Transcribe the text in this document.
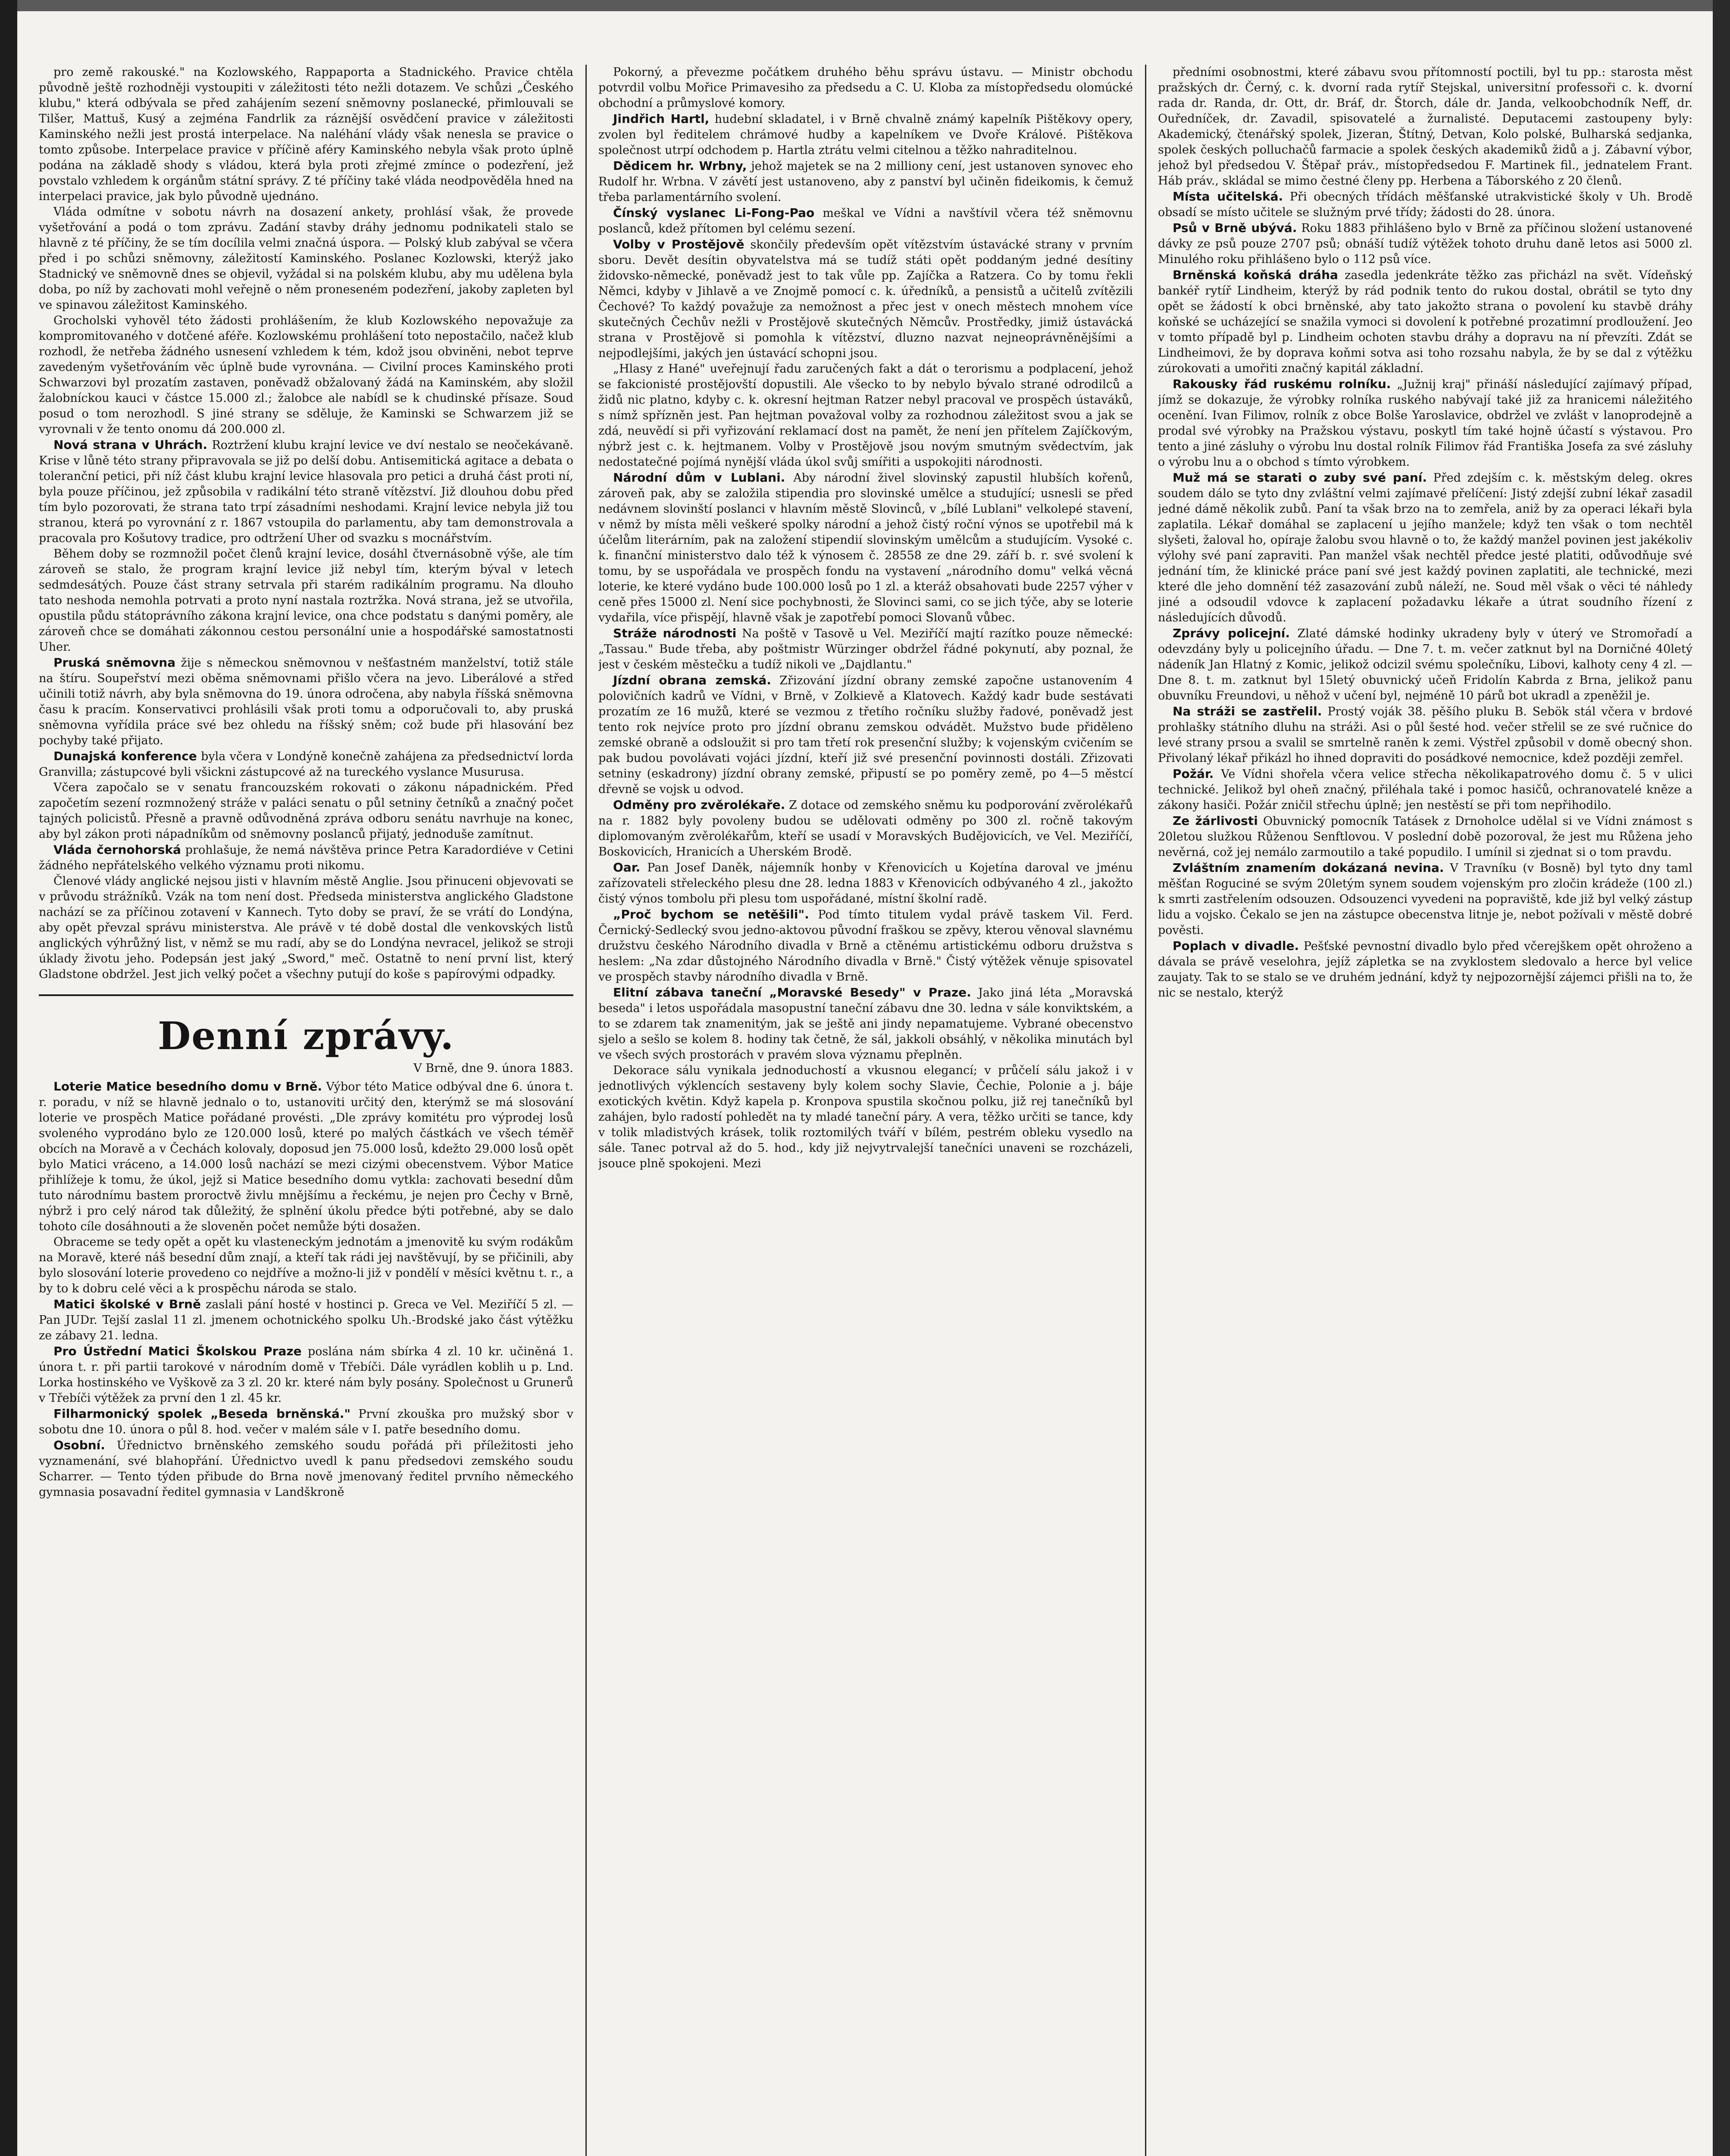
pro země rakouské." na Kozlowského, Rappaporta a Stadnického. Pravice chtěla původně ještě rozhodněji vystoupiti v záležitosti této nežli dotazem. Ve schůzi „Českého klubu," která odbývala se před zahájením sezení sněmovny poslanecké, přimlouvali se Tilšer, Mattuš, Kusý a zejména Fandrlik za ráznější osvědčení pravice v záležitosti Kaminského nežli jest prostá interpelace. Na naléhání vlády však nenesla se pravice o tomto způsobe. Interpelace pravice v příčině aféry Kaminského nebyla však proto úplně podána na základě shody s vládou, která byla proti zřejmé zmínce o podezření, jež povstalo vzhledem k orgánům státní správy. Z té příčiny také vláda neodpověděla hned na interpelaci pravice, jak bylo původně ujednáno.

Vláda odmítne v sobotu návrh na dosazení ankety, prohlásí však, že provede vyšetřování a podá o tom zprávu. Zadání stavby dráhy jednomu podnikateli stalo se hlavně z té příčiny, že se tím docílila velmi značná úspora. — Polský klub zabýval se včera před i po schůzi sněmovny, záležitostí Kaminského. Poslanec Kozlowski, kterýž jako Stadnický ve sněmovně dnes se objevil, vyžádal si na polském klubu, aby mu udělena byla doba, po níž by zachovati mohl veřejně o něm proneseném podezření, jakoby zapleten byl ve spinavou záležitost Kaminského.

Grocholski vyhověl této žádosti prohlášením, že klub Kozlowského nepovažuje za kompromitovaného v dotčené aféře. Kozlowskému prohlášení toto nepostačilo, načež klub rozhodl, že netřeba žádného usnesení vzhledem k tém, kdož jsou obviněni, nebot teprve zavedeným vyšetřováním věc úplně bude vyrovnána. — Civilní proces Kaminského proti Schwarzovi byl prozatím zastaven, poněvadž obžalovaný žádá na Kaminském, aby složil žalobníckou kauci v částce 15.000 zl.; žalobce ale nabídl se k chudinské přísaze. Soud posud o tom nerozhodl. S jiné strany se sděluje, že Kaminski se Schwarzem již se vyrovnali v že tento onomu dá 200.000 zl.

Nová strana v Uhrách. Roztržení klubu krajní levice ve dví nestalo se neočekávaně. Krise v lůně této strany připravovala se již po delší dobu. Antisemitická agitace a debata o toleranční petici, při níž část klubu krajní levice hlasovala pro petici a druhá část proti ní, byla pouze příčinou, jež způsobila v radikální této straně vítězství. Již dlouhou dobu před tím bylo pozorovati, že strana tato trpí zásadními neshodami. Krajní levice nebyla již tou stranou, která po vyrovnání z r. 1867 vstoupila do parlamentu, aby tam demonstrovala a pracovala pro Košutovy tradice, pro odtržení Uher od svazku s mocnářstvím.

Během doby se rozmnožil počet členů krajní levice, dosáhl čtvernásobně výše, ale tím zároveň se stalo, že program krajní levice již nebyl tím, kterým býval v letech sedmdesátých. Pouze část strany setrvala při starém radikálním programu. Na dlouho tato neshoda nemohla potrvati a proto nyní nastala roztržka. Nová strana, jež se utvořila, opustila půdu státoprávního zákona krajní levice, ona chce podstatu s danými poměry, ale zároveň chce se domáhati zákonnou cestou personální unie a hospodářské samostatnosti Uher.

Pruská sněmovna žije s německou sněmovnou v nešťastném manželství, totiž stále na štíru. Soupeřství mezi oběma sněmovnami přišlo včera na jevo. Liberálové a střed učinili totiž návrh, aby byla sněmovna do 19. února odročena, aby nabyla říšská sněmovna času k pracím. Konservativci prohlásili však proti tomu a odporučovali to, aby pruská sněmovna vyřídila práce své bez ohledu na říšský sněm; což bude při hlasování bez pochyby také přijato.

Dunajská konference byla včera v Londýně konečně zahájena za předsednictví lorda Granvilla; zástupcové byli všickni zástupcové až na tureckého vyslance Musurusa.

Včera započalo se v senatu francouzském rokovati o zákonu nápadnickém. Před započetím sezení rozmnožený stráže v paláci senatu o půl setniny četníků a značný počet tajných policistů. Přesně a pravně odůvodněná zpráva odboru senátu navrhuje na konec, aby byl zákon proti nápadníkům od sněmovny poslanců přijatý, jednoduše zamítnut.

Vláda černohorská prohlašuje, že nemá návštěva prince Petra Karadordiéve v Cetini žádného nepřátelského velkého významu proti nikomu.

Členové vlády anglické nejsou jisti v hlavním městě Anglie. Jsou přinuceni objevovati se v průvodu strážníků. Vzák na tom není dost. Předseda ministerstva anglického Gladstone nachází se za příčinou zotavení v Kannech. Tyto doby se praví, že se vrátí do Londýna, aby opět převzal správu ministerstva. Ale právě v té době dostal dle venkovských listů anglických výhrůžný list, v němž se mu radí, aby se do Londýna nevracel, jelikož se stroji úklady životu jeho. Podepsán jest jaký „Sword," meč. Ostatně to není první list, který Gladstone obdržel. Jest jich velký počet a všechny putují do koše s papírovými odpadky.

Denní zprávy.
V Brně, dne 9. února 1883.

Loterie Matice besedního domu v Brně. Výbor této Matice odbýval dne 6. února t. r. poradu, v níž se hlavně jednalo o to, ustanoviti určitý den, kterýmž se má slosování loterie ve prospěch Matice pořádané provésti. „Dle zprávy komitétu pro výprodej losů svoleného vyprodáno bylo ze 120.000 losů, které po malých částkách ve všech téměř obcích na Moravě a v Čechách kolovaly, doposud jen 75.000 losů, kdežto 29.000 losů opět bylo Matici vráceno, a 14.000 losů nachází se mezi cizými obecenstvem. Výbor Matice přihlížeje k tomu, že úkol, jejž si Matice besedního domu vytkla: zachovati besední dům tuto národnímu bastem proroctvě živlu mnějšímu a řeckému, je nejen pro Čechy v Brně, nýbrž i pro celý národ tak důležitý, že splnění úkolu předce býti potřebné, aby se dalo tohoto cíle dosáhnouti a že sloveněn počet nemůže býti dosažen.

Obraceme se tedy opět a opět ku vlasteneckým jednotám a jmenovitě ku svým rodákům na Moravě, které náš besední dům znají, a kteří tak rádi jej navštěvují, by se přičinili, aby bylo slosování loterie provedeno co nejdříve a možno-li již v pondělí v měsíci květnu t. r., a by to k dobru celé věci a k prospěchu národa se stalo.

Matici školské v Brně zaslali pání hosté v hostinci p. Greca ve Vel. Meziříčí 5 zl. — Pan JUDr. Tejší zaslal 11 zl. jmenem ochotnického spolku Uh.-Brodské jako část výtěžku ze zábavy 21. ledna.

Pro Ústřední Matici Školskou Praze poslána nám sbírka 4 zl. 10 kr. učiněná 1. února t. r. při partii tarokové v národním domě v Třebíči. Dále vyrádlen koblih u p. Lnd. Lorka hostinského ve Vyškově za 3 zl. 20 kr. které nám byly posány. Společnost u Grunerů v Třebíči výtěžek za první den 1 zl. 45 kr.

Filharmonický spolek „Beseda brněnská." První zkouška pro mužský sbor v sobotu dne 10. února o půl 8. hod. večer v malém sále v I. patře besedního domu.

Osobní. Úřednictvo brněnského zemského soudu pořádá při příležitosti jeho vyznamenání, své blahopřání. Úřednictvo uvedl k panu předsedovi zemského soudu Scharrer. — Tento týden přibude do Brna nově jmenovaný ředitel prvního německého gymnasia posavadní ředitel gymnasia v Landškroně

Pokorný, a převezme počátkem druhého běhu správu ústavu. — Ministr obchodu potvrdil volbu Mořice Primavesiho za předsedu a C. U. Kloba za místopředsedu olomúcké obchodní a průmyslové komory.

Jindřich Hartl, hudební skladatel, i v Brně chvalně známý kapelník Pištěkovy opery, zvolen byl ředitelem chrámové hudby a kapelníkem ve Dvoře Králové. Pištěkova společnost utrpí odchodem p. Hartla ztrátu velmi citelnou a těžko nahraditelnou.

Dědicem hr. Wrbny, jehož majetek se na 2 milliony cení, jest ustanoven synovec eho Rudolf hr. Wrbna. V závětí jest ustanoveno, aby z panství byl učiněn fideikomis, k čemuž třeba parlamentárního svolení.

Čínský vyslanec Li-Fong-Pao meškal ve Vídni a navštívil včera též sněmovnu poslanců, kdež přítomen byl celému sezení.

Volby v Prostějově skončily především opět vítězstvím ústavácké strany v prvním sboru. Devět desítin obyvatelstva má se tudíž státi opět poddaným jedné desítiny židovsko-německé, poněvadž jest to tak vůle pp. Zajíčka a Ratzera. Co by tomu řekli Němci, kdyby v Jihlavě a ve Znojmě pomocí c. k. úředníků, a pensistů a učitelů zvítězili Čechové? To každý považuje za nemožnost a přec jest v onech městech mnohem více skutečných Čechův nežli v Prostějově skutečných Němcův. Prostředky, jimiž ústavácká strana v Prostějově si pomohla k vítězství, dluzno nazvat nejneoprávněnějšími a nejpodlejšími, jakých jen ústavácí schopni jsou.

„Hlasy z Hané" uveřejnují řadu zaručených fakt a dát o terorismu a podplacení, jehož se fakcionisté prostějovští dopustili. Ale všecko to by nebylo bývalo strané odrodilců a židů nic platno, kdyby c. k. okresní hejtman Ratzer nebyl pracoval ve prospěch ústaváků, s nímž spřízněn jest. Pan hejtman považoval volby za rozhodnou záležitost svou a jak se zdá, neuvědí si při vyřizování reklamací dost na pamět, že není jen přítelem Zajíčkovým, nýbrž jest c. k. hejtmanem. Volby v Prostějově jsou novým smutným svědectvím, jak nedostatečné pojímá nynější vláda úkol svůj smířiti a uspokojiti národnosti.

Národní dům v Lublani. Aby národní živel slovinský zapustil hlubších kořenů, zároveň pak, aby se založila stipendia pro slovinské umělce a studující; usnesli se před nedávnem slovinští poslanci v hlavním městě Slovinců, v „bílé Lublani" velkolepé stavení, v němž by místa měli veškeré spolky národní a jehož čistý roční výnos se upotřebil má k účelům literárním, pak na založení stipendií slovinským umělcům a studujícím. Vysoké c. k. finanční ministerstvo dalo též k výnosem č. 28558 ze dne 29. září b. r. své svolení k tomu, by se uspořádala ve prospěch fondu na vystavení „národního domu" velká věcná loterie, ke které vydáno bude 100.000 losů po 1 zl. a kteráž obsahovati bude 2257 výher v ceně přes 15000 zl. Není sice pochybnosti, že Slovinci sami, co se jich týče, aby se loterie vydařila, více přispějí, hlavně však je zapotřebí pomoci Slovanů vůbec.

Stráže národnosti Na poště v Tasově u Vel. Meziříčí majtí razítko pouze německé: „Tassau." Bude třeba, aby poštmistr Würzinger obdržel řádné pokynutí, aby poznal, že jest v českém městečku a tudíž nikoli ve „Dajdlantu."

Jízdní obrana zemská. Zřizování jízdní obrany zemské započne ustanovením 4 polovičních kadrů ve Vídni, v Brně, v Zolkievě a Klatovech. Každý kadr bude sestávati prozatím ze 16 mužů, které se vezmou z třetího ročníku služby řadové, poněvadž jest tento rok nejvíce proto pro jízdní obranu zemskou odvádět. Mužstvo bude přiděleno zemské obraně a odsloužit si pro tam třetí rok presenční služby; k vojenským cvičením se pak budou povolávati vojáci jízdní, kteří již své presenční povinnosti dostáli. Zřizovati setniny (eskadrony) jízdní obrany zemské, připustí se po poměry země, po 4—5 městcí dřevně se vojsk u odvod.

Odměny pro zvěrolékaře. Z dotace od zemského sněmu ku podporování zvěrolékařů na r. 1882 byly povoleny budou se udělovati odměny po 300 zl. ročně takovým diplomovaným zvěrolékařům, kteří se usadí v Moravských Budějovicích, ve Vel. Meziříčí, Boskovicích, Hranicích a Uherském Brodě.

Oar. Pan Josef Daněk, nájemník honby v Křenovicích u Kojetína daroval ve jménu zařízovateli střeleckého plesu dne 28. ledna 1883 v Křenovicích odbývaného 4 zl., jakožto čistý výnos tombolu při plesu tom uspořádané, místní školní radě.

„Proč bychom se netěšili". Pod tímto titulem vydal právě taskem Vil. Ferd. Černický-Sedlecký svou jedno-aktovou původní fraškou se zpěvy, kterou věnoval slavnému družstvu českého Národního divadla v Brně a ctěnému artistickému odboru družstva s heslem: „Na zdar důstojného Národního divadla v Brně." Čistý výtěžek věnuje spisovatel ve prospěch stavby národního divadla v Brně.

Elitní zábava taneční „Moravské Besedy" v Praze. Jako jiná léta „Moravská beseda" i letos uspořádala masopustní taneční zábavu dne 30. ledna v sále konviktském, a to se zdarem tak znamenitým, jak se ještě ani jindy nepamatujeme. Vybrané obecenstvo sjelo a sešlo se kolem 8. hodiny tak četně, že sál, jakkoli obsáhlý, v několika minutách byl ve všech svých prostorách v pravém slova významu přeplněn.

Dekorace sálu vynikala jednoduchostí a vkusnou elegancí; v průčelí sálu jakož i v jednotlivých výklencích sestaveny byly kolem sochy Slavie, Čechie, Polonie a j. báje exotických květin. Když kapela p. Kronpova spustila skočnou polku, již rej tanečníků byl zahájen, bylo radostí pohledět na ty mladé taneční páry. A vera, těžko určiti se tance, kdy v tolik mladistvých krásek, tolik roztomilých tváří v bílém, pestrém obleku vysedlo na sále. Tanec potrval až do 5. hod., kdy již nejvytrvalejší tanečníci unaveni se rozcházeli, jsouce plně spokojeni. Mezi

předními osobnostmi, které zábavu svou přítomností poctili, byl tu pp.: starosta měst pražských dr. Černý, c. k. dvorní rada rytíř Stejskal, universitní professoři c. k. dvorní rada dr. Randa, dr. Ott, dr. Bráf, dr. Štorch, dále dr. Janda, velkoobchodník Neff, dr. Ouředníček, dr. Zavadil, spisovatelé a žurnalisté. Deputacemi zastoupeny byly: Akademický, čtenářský spolek, Jizeran, Štítný, Detvan, Kolo polské, Bulharská sedjanka, spolek českých polluchačů farmacie a spolek českých akademiků židů a j. Zábavní výbor, jehož byl předsedou V. Štěpař práv., místopředsedou F. Martinek fil., jednatelem Frant. Háb práv., skládal se mimo čestné členy pp. Herbena a Táborského z 20 členů.

Místa učitelská. Při obecných třídách měšťanské utrakvistické školy v Uh. Brodě obsadí se místo učitele se služným prvé třídy; žádosti do 28. února.

Psů v Brně ubývá. Roku 1883 přihlášeno bylo v Brně za příčinou složení ustanovené dávky ze psů pouze 2707 psů; obnáší tudíž výtěžek tohoto druhu daně letos asi 5000 zl. Minulého roku přihlášeno bylo o 112 psů více.

Brněnská koňská dráha zasedla jedenkráte těžko zas přicházl na svět. Vídeňský bankéř rytíř Lindheim, kterýž by rád podnik tento do rukou dostal, obrátil se tyto dny opět se žádostí k obci brněnské, aby tato jakožto strana o povolení ku stavbě dráhy koňské se ucházející se snažila vymoci si dovolení k potřebné prozatimní prodloužení. Jeo v tomto případě byl p. Lindheim ochoten stavbu dráhy a dopravu na ní převzíti. Zdát se Lindheimovi, že by doprava koňmi sotva asi toho rozsahu nabyla, že by se dal z výtěžku zúrokovati a umořiti značný kapitál základní.

Rakousky řád ruskému rolníku. „Južnij kraj" přináší následující zajímavý případ, jímž se dokazuje, že výrobky rolníka ruského nabývají také již za hranicemi náležitého ocenění. Ivan Filimov, rolník z obce Bolše Yaroslavice, obdržel ve zvlášt v lanoprodejně a prodal své výrobky na Pražskou výstavu, poskytl tím také hojně účastí s výstavou. Pro tento a jiné zásluhy o výrobu lnu dostal rolník Filimov řád Františka Josefa za své zásluhy o výrobu lnu a o obchod s tímto výrobkem.

Muž má se starati o zuby své paní. Před zdejším c. k. městským deleg. okres soudem dálo se tyto dny zvláštní velmi zajímavé přelíčení: Jistý zdejší zubní lékař zasadil jedné dámě několik zubů. Paní ta však brzo na to zemřela, aniž by za operaci lékaři byla zaplatila. Lékař domáhal se zaplacení u jejího manžele; když ten však o tom nechtěl slyšeti, žaloval ho, opíraje žalobu svou hlavně o to, že každý manžel povinen jest jakékoliv výlohy své paní zapraviti. Pan manžel však nechtěl předce jesté platiti, odůvodňuje své jednání tím, že klinické práce paní své jest každý povinen zaplatiti, ale technické, mezi které dle jeho domnění též zasazování zubů náleží, ne. Soud měl však o věci té náhledy jiné a odsoudil vdovce k zaplacení požadavku lékaře a útrat soudního řízení z následujících důvodů.

Zprávy policejní. Zlaté dámské hodinky ukradeny byly v úterý ve Stromořadí a odevzdány byly u policejního úřadu. — Dne 7. t. m. večer zatknut byl na Dorničné 40letý nádeník Jan Hlatný z Komic, jelikož odcizil svému společníku, Libovi, kalhoty ceny 4 zl. — Dne 8. t. m. zatknut byl 15letý obuvnický učeň Fridolín Kabrda z Brna, jelikož panu obuvníku Freundovi, u něhož v učení byl, nejméně 10 párů bot ukradl a zpeněžil je.

Na stráži se zastřelil. Prostý voják 38. pěšího pluku B. Sebök stál včera v brdové prohlašky státního dluhu na stráži. Asi o půl šesté hod. večer střelil se ze své ručnice do levé strany prsou a svalil se smrtelně raněn k zemi. Výstřel způsobil v domě obecný shon. Přivolaný lékař přikázl ho ihned dopraviti do posádkové nemocnice, kdež později zemřel.

Požár. Ve Vídni shořela včera velice střecha několikapatrového domu č. 5 v ulici technické. Jelikož byl oheň značný, přiléhala také i pomoc hasičů, ochranovatelé kněze a zákony hasiči. Požár zničil střechu úplně; jen nestěstí se při tom nepřihodilo.

Ze žárlivosti Obuvnický pomocník Tatásek z Drnoholce udělal si ve Vídni známost s 20letou služkou Růženou Senftlovou. V poslední době pozoroval, že jest mu Růžena jeho nevěrná, což jej nemálo zarmoutilo a také popudilo. I umínil si zjednat si o tom pravdu.

Zvláštním znamením dokázaná nevina. V Travníku (v Bosně) byl tyto dny taml měšťan Roguciné se svým 20letým synem soudem vojenským pro zločin krádeže (100 zl.) k smrti zastřelením odsouzen. Odsouzenci vyvedeni na popraviště, kde již byl velký zástup lidu a vojsko. Čekalo se jen na zástupce obecenstva litnje je, nebot požívali v městě dobré pověsti.

Poplach v divadle. Pešťské pevnostní divadlo bylo před včerejškem opět ohroženo a dávala se právě veselohra, jejíž zápletka se na zvyklostem sledovalo a herce byl velice zaujaty. Tak to se stalo se ve druhém jednání, když ty nejpozornější zájemci přišli na to, že nic se nestalo, kterýž
